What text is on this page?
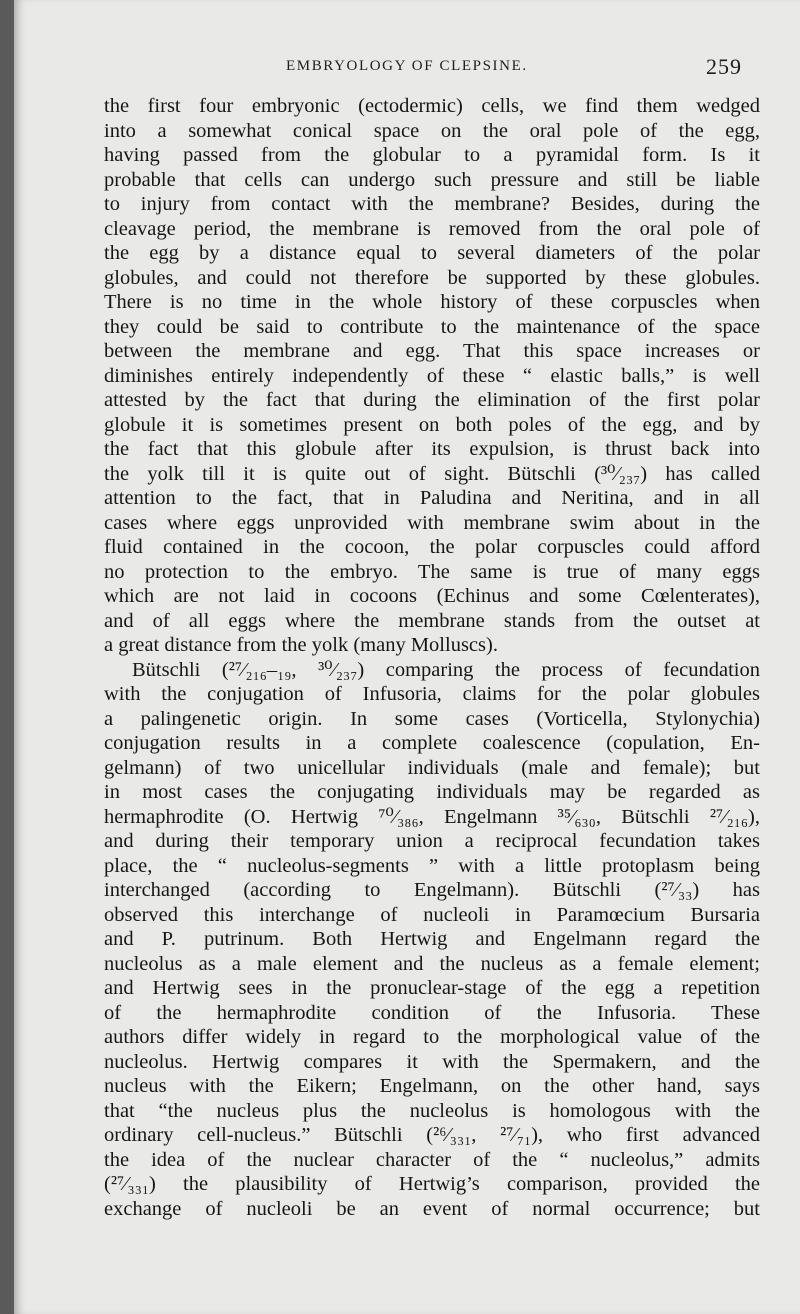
EMBRYOLOGY OF CLEPSINE.	259
the first four embryonic (ectodermic) cells, we find them wedged
into a somewhat conical space on the oral pole of the egg,
having passed from the globular to a pyramidal form. Is it
probable that cells can undergo such pressure and still be liable
to injury from contact with the membrane? Besides, during the
cleavage period, the membrane is removed from the oral pole of
the egg by a distance equal to several diameters of the polar
globules, and could not therefore be supported by these globules.
There is no time in the whole history of these corpuscles when
they could be said to contribute to the maintenance of the space
between the membrane and egg. That this space increases or
diminishes entirely independently of these “ elastic balls,” is well
attested by the fact that during the elimination of the first polar
globule it is sometimes present on both poles of the egg, and by
the fact that this globule after its expulsion, is thrust back into
the yolk till it is quite out of sight. Bütschli (³⁰⁄₂₃₇) has called
attention to the fact, that in Paludina and Neritina, and in all
cases where eggs unprovided with membrane swim about in the
fluid contained in the cocoon, the polar corpuscles could afford
no protection to the embryo. The same is true of many eggs
which are not laid in cocoons (Echinus and some Cœlenterates),
and of all eggs where the membrane stands from the outset at
a great distance from the yolk (many Molluscs).
Bütschli (²⁷⁄₂₁₆–₁₉, ³⁰⁄₂₃₇) comparing the process of fecundation
with the conjugation of Infusoria, claims for the polar globules
a palingenetic origin. In some cases (Vorticella, Stylonychia)
conjugation results in a complete coalescence (copulation, En-
gelmann) of two unicellular individuals (male and female); but
in most cases the conjugating individuals may be regarded as
hermaphrodite (O. Hertwig ⁷⁰⁄₃₈₆, Engelmann ³⁵⁄₆₃₀, Bütschli ²⁷⁄₂₁₆),
and during their temporary union a reciprocal fecundation takes
place, the “ nucleolus-segments ” with a little protoplasm being
interchanged (according to Engelmann). Bütschli (²⁷⁄₃₃) has
observed this interchange of nucleoli in Paramœcium Bursaria
and P. putrinum. Both Hertwig and Engelmann regard the
nucleolus as a male element and the nucleus as a female element;
and Hertwig sees in the pronuclear-stage of the egg a repetition
of the hermaphrodite condition of the Infusoria. These
authors differ widely in regard to the morphological value of the
nucleolus. Hertwig compares it with the Spermakern, and the
nucleus with the Eikern; Engelmann, on the other hand, says
that “the nucleus plus the nucleolus is homologous with the
ordinary cell-nucleus.” Bütschli (²⁶⁄₃₃₁, ²⁷⁄₇₁), who first advanced
the idea of the nuclear character of the “ nucleolus,” admits
(²⁷⁄₃₃₁) the plausibility of Hertwig’s comparison, provided the
exchange of nucleoli be an event of normal occurrence; but
